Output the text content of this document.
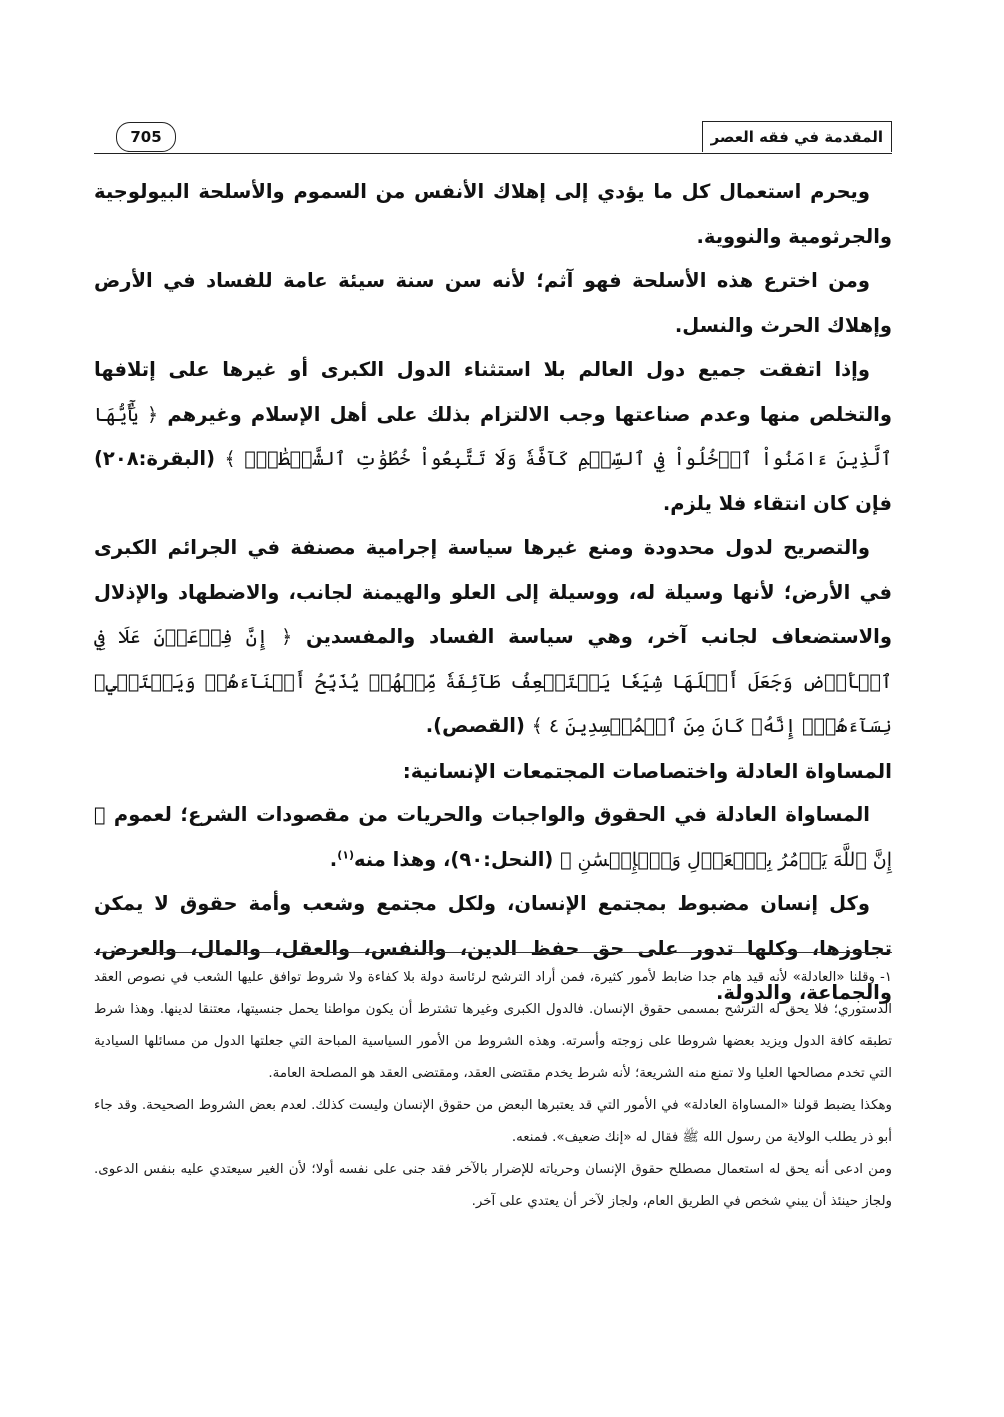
المقدمة في فقه العصر
705

ويحرم استعمال كل ما يؤدي إلى إهلاك الأنفس من السموم والأسلحة البيولوجية والجرثومية والنووية.

ومن اخترع هذه الأسلحة فهو آثم؛ لأنه سن سنة سيئة عامة للفساد في الأرض وإهلاك الحرث والنسل.

وإذا اتفقت جميع دول العالم بلا استثناء الدول الكبرى أو غيرها على إتلافها والتخلص منها وعدم صناعتها وجب الالتزام بذلك على أهل الإسلام وغيرهم ﴿ يَٰٓأَيُّهَا ٱلَّذِينَ ءَامَنُواْ ٱدۡخُلُواْ فِي ٱلسِّلۡمِ كَآفَّةٗ وَلَا تَتَّبِعُواْ خُطُوَٰتِ ٱلشَّيۡطَٰنِۚ ﴾ (البقرة:٢٠٨) فإن كان انتقاء فلا يلزم.

والتصريح لدول محدودة ومنع غيرها سياسة إجرامية مصنفة في الجرائم الكبرى في الأرض؛ لأنها وسيلة له، ووسيلة إلى العلو والهيمنة لجانب، والاضطهاد والإذلال والاستضعاف لجانب آخر، وهي سياسة الفساد والمفسدين ﴿ إِنَّ فِرۡعَوۡنَ عَلَا فِي ٱلۡأَرۡضِ وَجَعَلَ أَهۡلَهَا شِيَعٗا يَسۡتَضۡعِفُ طَآئِفَةٗ مِّنۡهُمۡ يُذَبِّحُ أَبۡنَآءَهُمۡ وَيَسۡتَحۡيِۦ نِسَآءَهُمۡۚ إِنَّهُۥ كَانَ مِنَ ٱلۡمُفۡسِدِينَ ٤ ﴾ (القصص).

المساواة العادلة واختصاصات المجتمعات الإنسانية:

المساواة العادلة في الحقوق والواجبات والحريات من مقصودات الشرع؛ لعموم ﴿ إِنَّ ٱللَّهَ يَأۡمُرُ بِٱلۡعَدۡلِ وَٱلۡإِحۡسَٰنِ ﴾ (النحل:٩٠)، وهذا منه$^{(١)}$.

وكل إنسان مضبوط بمجتمع الإنسان، ولكل مجتمع وشعب وأمة حقوق لا يمكن تجاوزها، وكلها تدور على حق حفظ الدين، والنفس، والعقل، والمال، والعرض، والجماعة، والدولة.

١- وقلنا «العادلة» لأنه قيد هام جدا ضابط لأمور كثيرة، فمن أراد الترشح لرئاسة دولة بلا كفاءة ولا شروط توافق عليها الشعب في نصوص العقد الدستوري؛ فلا يحق له الترشح بمسمى حقوق الإنسان. فالدول الكبرى وغيرها تشترط أن يكون مواطنا يحمل جنسيتها، معتنقا لدينها. وهذا شرط تطبقه كافة الدول ويزيد بعضها شروطا على زوجته وأسرته. وهذه الشروط من الأمور السياسية المباحة التي جعلتها الدول من مسائلها السيادية التي تخدم مصالحها العليا ولا تمنع منه الشريعة؛ لأنه شرط يخدم مقتضى العقد، ومقتضى العقد هو المصلحة العامة.

وهكذا يضبط قولنا «المساواة العادلة» في الأمور التي قد يعتبرها البعض من حقوق الإنسان وليست كذلك. لعدم بعض الشروط الصحيحة. وقد جاء أبو ذر يطلب الولاية من رسول الله ﷺ فقال له «إنك ضعيف». فمنعه.

ومن ادعى أنه يحق له استعمال مصطلح حقوق الإنسان وحرياته للإضرار بالآخر فقد جنى على نفسه أولا؛ لأن الغير سيعتدي عليه بنفس الدعوى. ولجاز حينئذ أن يبني شخص في الطريق العام، ولجاز لآخر أن يعتدي على آخر.
